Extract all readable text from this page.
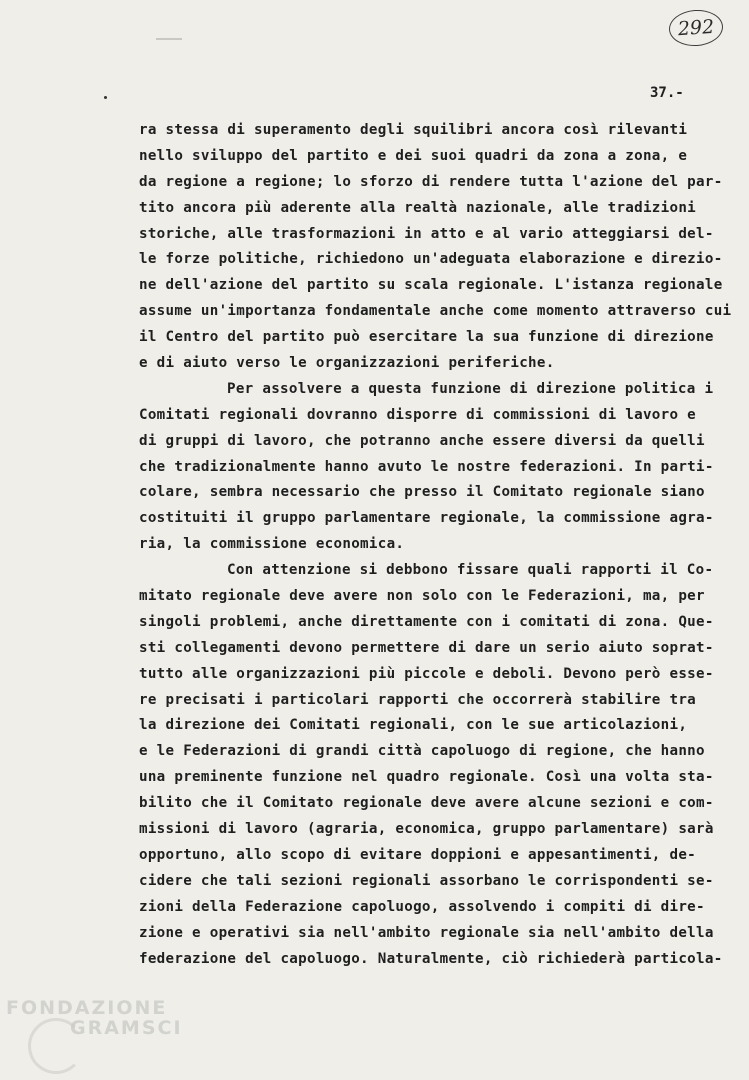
292
37.-
ra stessa di superamento degli squilibri ancora così rilevanti
nello sviluppo del partito e dei suoi quadri da zona a zona, e
da regione a regione; lo sforzo di rendere tutta l'azione del par-
tito ancora più aderente alla realtà nazionale, alle tradizioni
storiche, alle trasformazioni in atto e al vario atteggiarsi del-
le forze politiche, richiedono un'adeguata elaborazione e direzio-
ne dell'azione del partito su scala regionale. L'istanza regionale
assume un'importanza fondamentale anche come momento attraverso cui
il Centro del partito può esercitare la sua funzione di direzione
e di aiuto verso le organizzazioni periferiche.
Per assolvere a questa funzione di direzione politica i
Comitati regionali dovranno disporre di commissioni di lavoro e
di gruppi di lavoro, che potranno anche essere diversi da quelli
che tradizionalmente hanno avuto le nostre federazioni. In parti-
colare, sembra necessario che presso il Comitato regionale siano
costituiti il gruppo parlamentare regionale, la commissione agra-
ria, la commissione economica.
Con attenzione si debbono fissare quali rapporti il Co-
mitato regionale deve avere non solo con le Federazioni, ma, per
singoli problemi, anche direttamente con i comitati di zona. Que-
sti collegamenti devono permettere di dare un serio aiuto soprat-
tutto alle organizzazioni più piccole e deboli. Devono però esse-
re precisati i particolari rapporti che occorrerà stabilire tra
la direzione dei Comitati regionali, con le sue articolazioni,
e le Federazioni di grandi città capoluogo di regione, che hanno
una preminente funzione nel quadro regionale. Così una volta sta-
bilito che il Comitato regionale deve avere alcune sezioni e com-
missioni di lavoro (agraria, economica, gruppo parlamentare) sarà
opportuno, allo scopo di evitare doppioni e appesantimenti, de-
cidere che tali sezioni regionali assorbano le corrispondenti se-
zioni della Federazione capoluogo, assolvendo i compiti di dire-
zione e operativi sia nell'ambito regionale sia nell'ambito della
federazione del capoluogo. Naturalmente, ciò richiederà particola-
FONDAZIONE
GRAMSCI
